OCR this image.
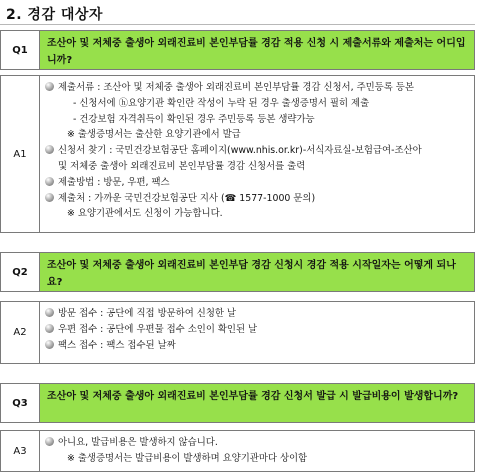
2. 경감 대상자
Q1
조산아 및 저체중 출생아 외래진료비 본인부담률 경감 적용 신청 시 제출서류와 제출처는 어디입니까?
A1
제출서류 : 조산아 및 저체중 출생아 외래진료비 본인부담률 경감 신청서, 주민등록 등본
- 신청서에 ⓗ요양기관 확인란 작성이 누락 된 경우 출생증명서 필히 제출
- 건강보험 자격취득이 확인된 경우 주민등록 등본 생략가능
※ 출생증명서는 출산한 요양기관에서 발급
신청서 찾기 : 국민건강보험공단 홈페이지(www.nhis.or.kr)-서식자료실-보험급여-조산아
및 저체중 출생아 외래진료비 본인부담률 경감 신청서를 출력
제출방법 : 방문, 우편, 팩스
제출처 : 가까운 국민건강보험공단 지사 (☎ 1577-1000 문의)
※ 요양기관에서도 신청이 가능합니다.
Q2
조산아 및 저체중 출생아 외래진료비 본인부담 경감 신청시 경감 적용 시작일자는 어떻게 되나요?
A2
방문 접수 : 공단에 직접 방문하여 신청한 날
우편 접수 : 공단에 우편물 접수 소인이 확인된 날
팩스 접수 : 팩스 접수된 날짜
Q3
조산아 및 저체중 출생아 외래진료비 본인부담률 경감 신청서 발급 시 발급비용이 발생합니까?
A3
아니요, 발급비용은 발생하지 않습니다.
※ 출생증명서는 발급비용이 발생하며 요양기관마다 상이함
